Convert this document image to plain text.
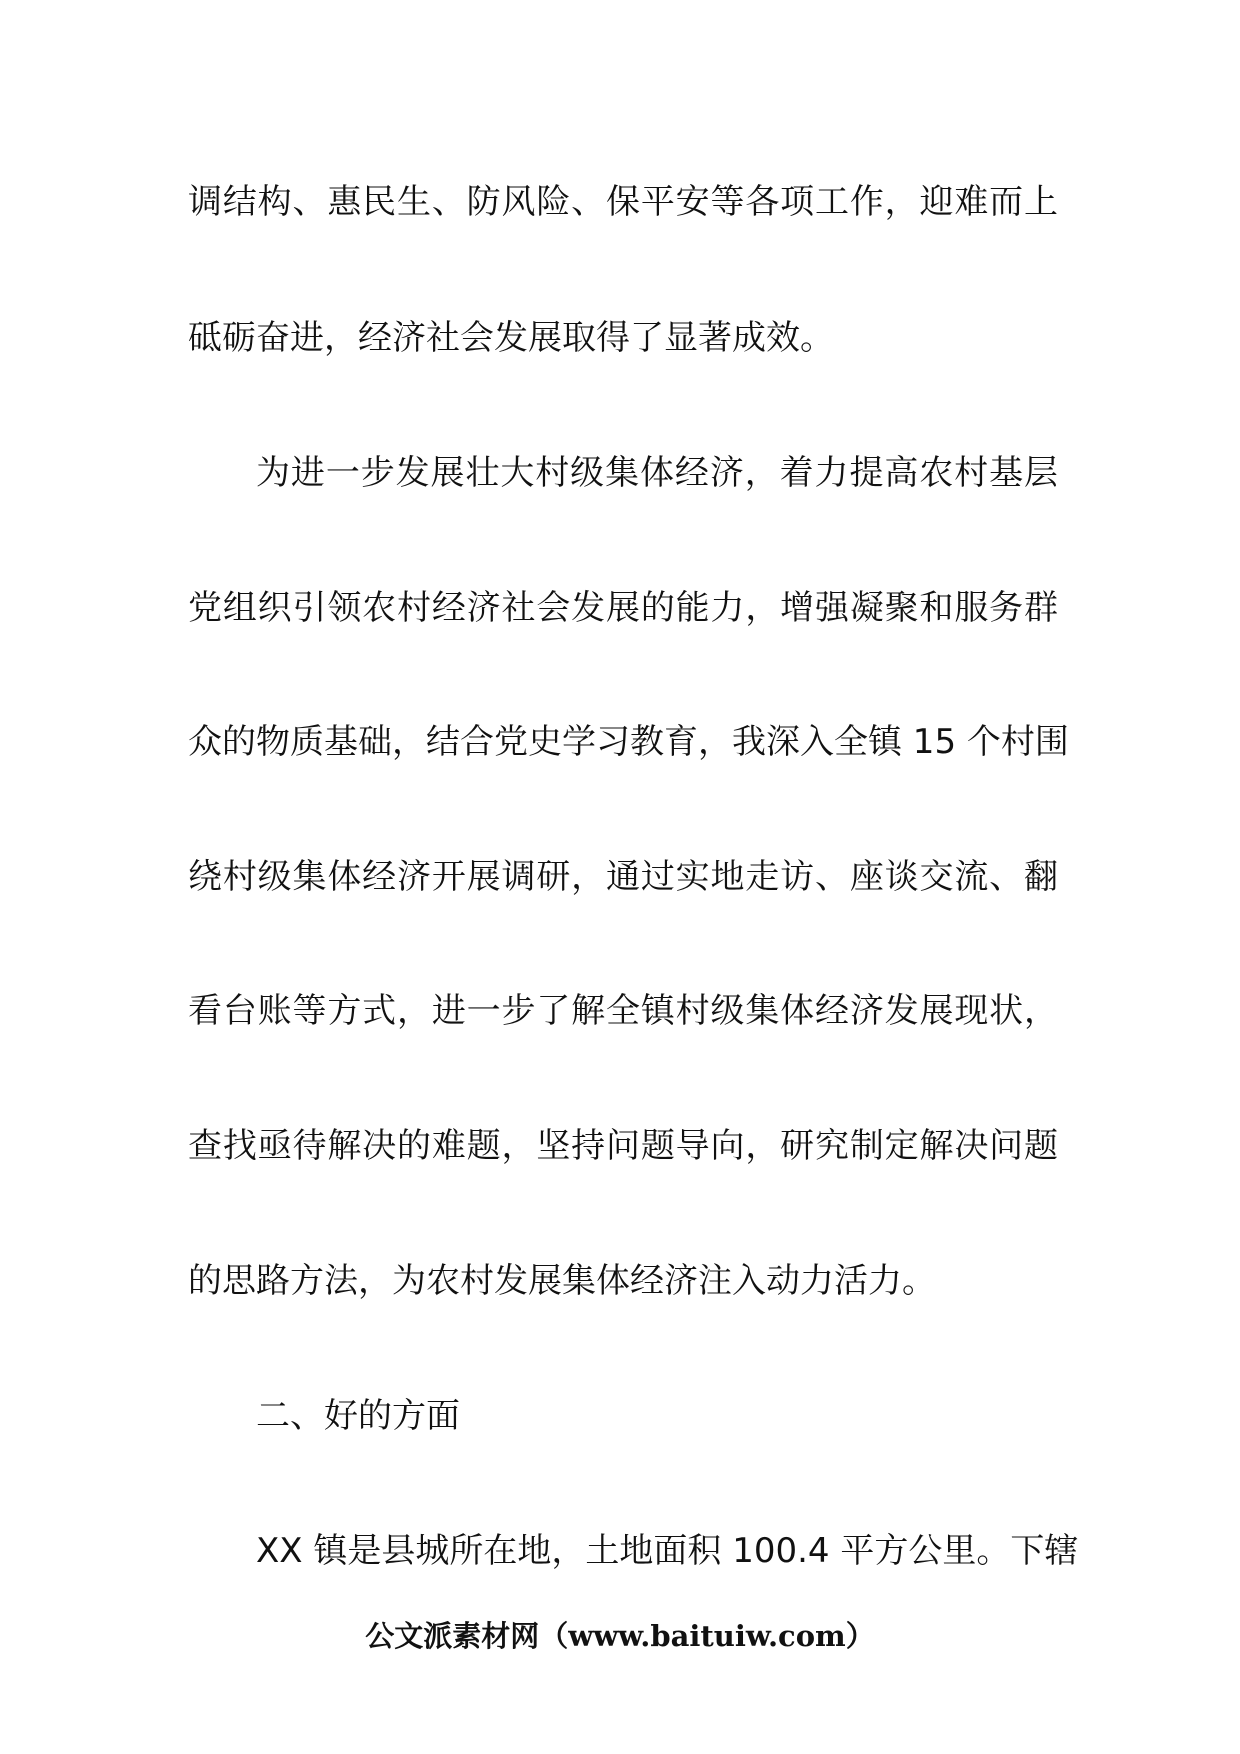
调结构、惠民生、防风险、保平安等各项工作，迎难而上
砥砺奋进，经济社会发展取得了显著成效。
为进一步发展壮大村级集体经济，着力提高农村基层
党组织引领农村经济社会发展的能力，增强凝聚和服务群
众的物质基础，结合党史学习教育，我深入全镇 15 个村围
绕村级集体经济开展调研，通过实地走访、座谈交流、翻
看台账等方式，进一步了解全镇村级集体经济发展现状，
查找亟待解决的难题，坚持问题导向，研究制定解决问题
的思路方法，为农村发展集体经济注入动力活力。
二、好的方面
XX 镇是县城所在地，土地面积 100.4 平方公里。下辖
公文派素材网（www.baituiw.com）
